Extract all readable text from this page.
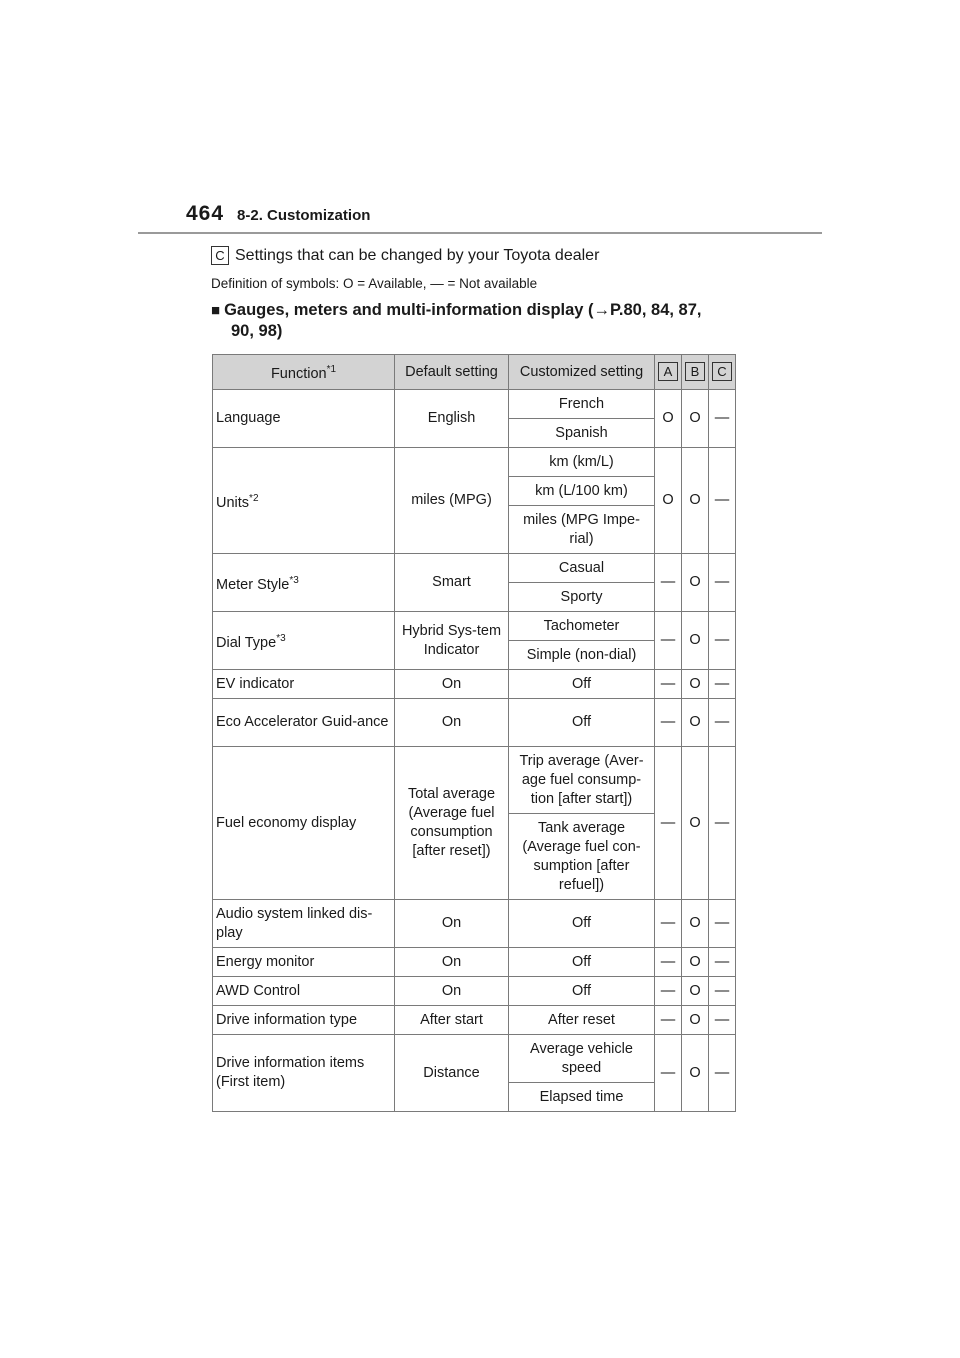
464 8-2. Customization
C Settings that can be changed by your Toyota dealer
Definition of symbols: O = Available, — = Not available
■ Gauges, meters and multi-information display (→P.80, 84, 87,
90, 98)
Function$^{*1}$	Default setting	Customized setting	A	B	C
Language	English	French	O	O	—
		Spanish			
Units$^{*2}$	miles (MPG)	km (km/L)	O	O	—
		km (L/100 km)			
		miles (MPG Impe-rial)			
Meter Style$^{*3}$	Smart	Casual	—	O	—
		Sporty			
Dial Type$^{*3}$	Hybrid Sys-tem Indicator	Tachometer	—	O	—
		Simple (non-dial)			
EV indicator	On	Off	—	O	—
Eco Accelerator Guid-ance	On	Off	—	O	—
Fuel economy display	Total average (Average fuel consumption [after reset])	Trip average (Aver-age fuel consump-tion [after start])	—	O	—
		Tank average (Average fuel con-sumption [after refuel])			
Audio system linked dis-play	On	Off	—	O	—
Energy monitor	On	Off	—	O	—
AWD Control	On	Off	—	O	—
Drive information type	After start	After reset	—	O	—
Drive information items (First item)	Distance	Average vehicle speed	—	O	—
		Elapsed time			
